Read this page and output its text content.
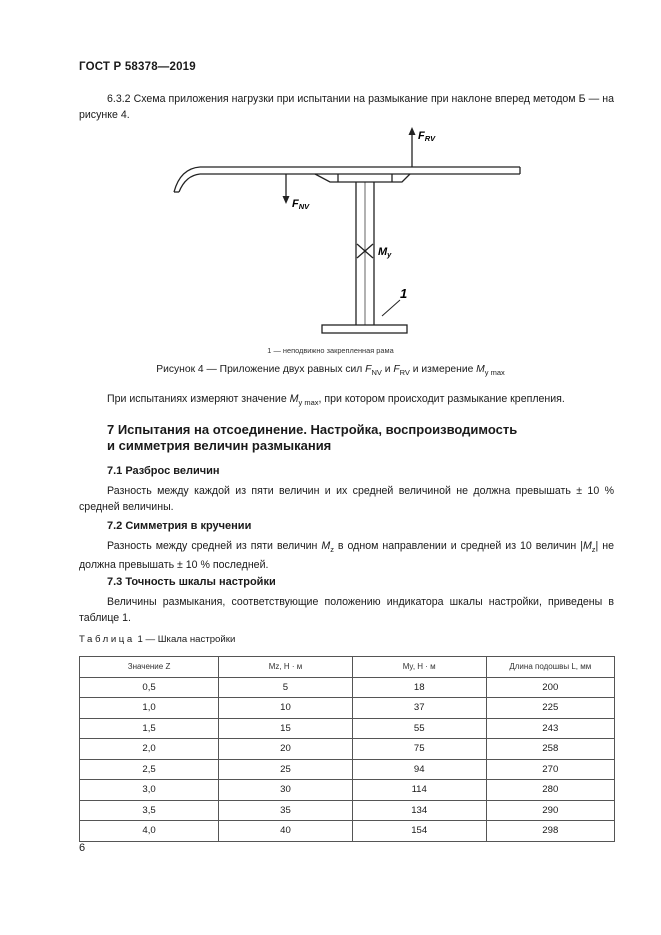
ГОСТ Р 58378—2019
6.3.2 Схема приложения нагрузки при испытании на размыкание при наклоне вперед методом Б — на рисунке 4.
FRV
FNV
My
1
1 — неподвижно закрепленная рама
Рисунок 4 — Приложение двух равных сил $F_{NV}$ и $F_{RV}$ и измерение $M_{y max}$
При испытаниях измеряют значение $M_{y max}$, при котором происходит размыкание крепления.
7 Испытания на отсоединение. Настройка, воспроизводимость
и симметрия величин размыкания
7.1 Разброс величин
Разность между каждой из пяти величин и их средней величиной не должна превышать ± 10 % средней величины.
7.2 Симметрия в кручении
Разность между средней из пяти величин $M_z$ в одном направлении и средней из 10 величин $|M_z|$ не должна превышать ± 10 % последней.
7.3 Точность шкалы настройки
Величины размыкания, соответствующие положению индикатора шкалы настройки, приведены в таблице 1.
Таблица 1 — Шкала настройки
Значение Z	Mz, Н · м	My, Н · м	Длина подошвы L, мм
0,5	5	18	200
1,0	10	37	225
1,5	15	55	243
2,0	20	75	258
2,5	25	94	270
3,0	30	114	280
3,5	35	134	290
4,0	40	154	298
6
